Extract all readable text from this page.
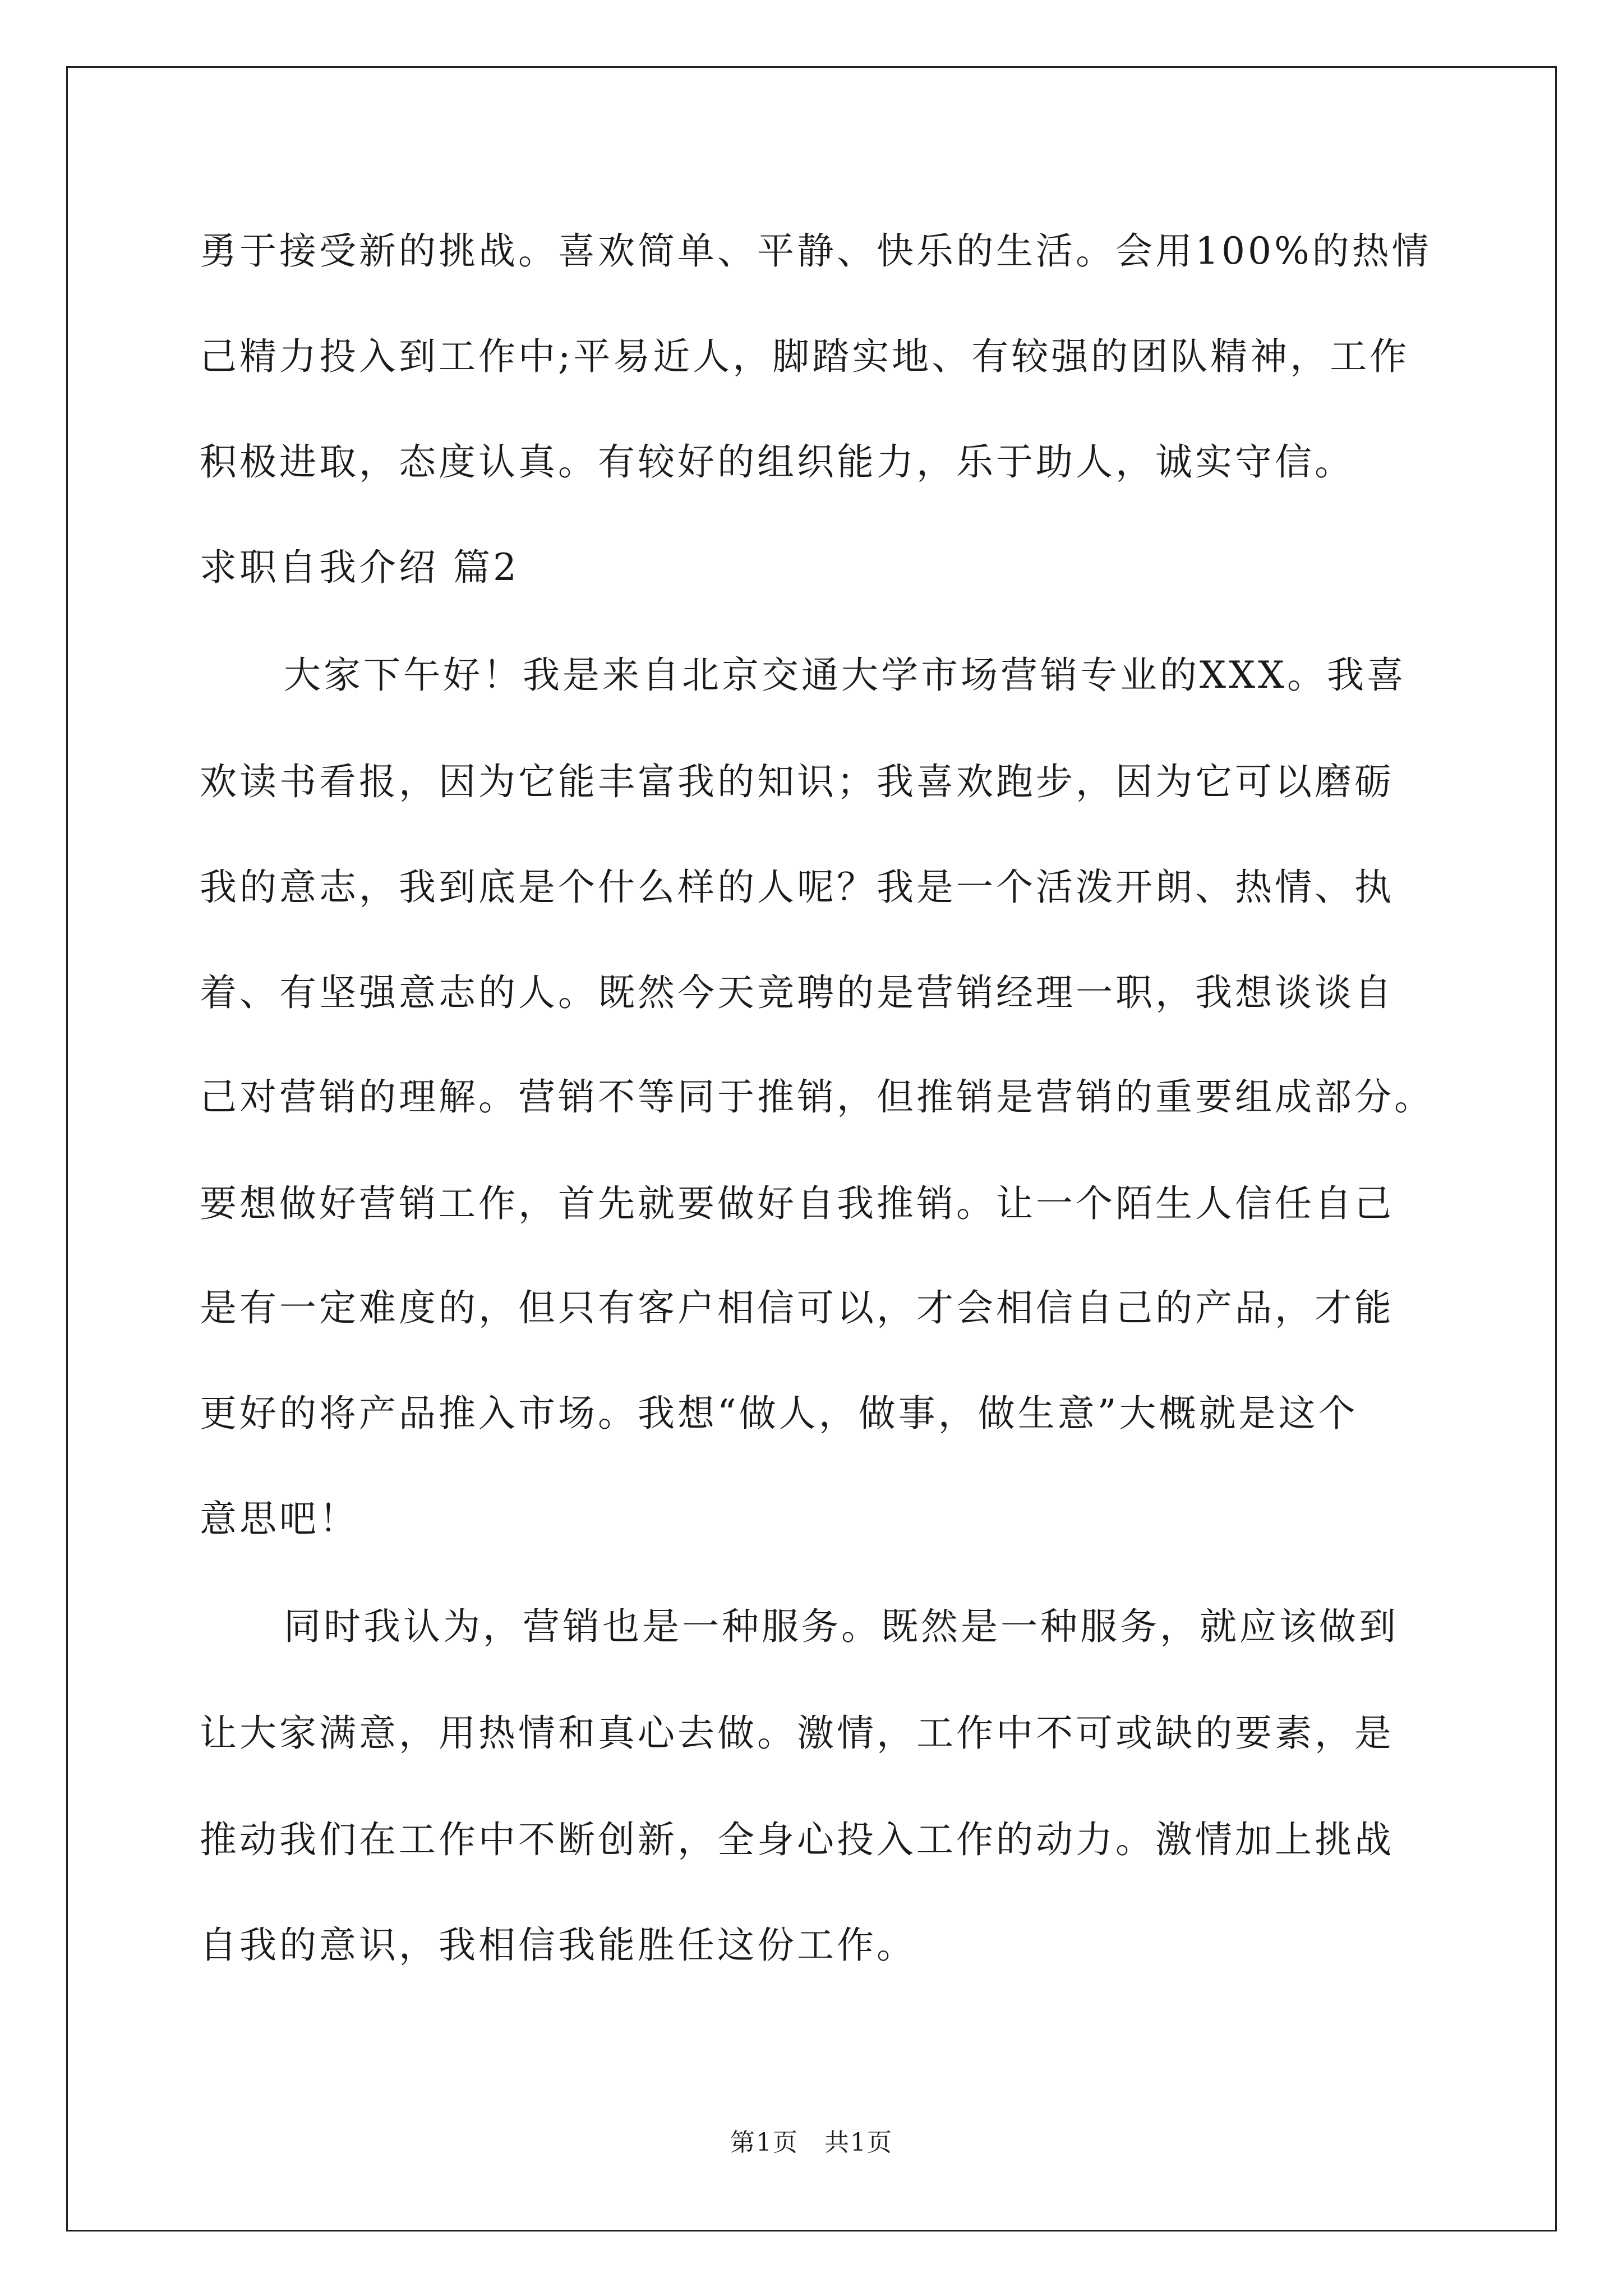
勇于接受新的挑战。喜欢简单、平静、快乐的生活。会用100%的热情
己精力投入到工作中;平易近人，脚踏实地、有较强的团队精神，工作
积极进取，态度认真。有较好的组织能力，乐于助人，诚实守信。
求职自我介绍 篇2
大家下午好！我是来自北京交通大学市场营销专业的XXX。我喜
欢读书看报，因为它能丰富我的知识；我喜欢跑步，因为它可以磨砺
我的意志，我到底是个什么样的人呢？我是一个活泼开朗、热情、执
着、有坚强意志的人。既然今天竞聘的是营销经理一职，我想谈谈自
己对营销的理解。营销不等同于推销，但推销是营销的重要组成部分。
要想做好营销工作，首先就要做好自我推销。让一个陌生人信任自己
是有一定难度的，但只有客户相信可以，才会相信自己的产品，才能
更好的将产品推入市场。我想“做人，做事，做生意”大概就是这个
意思吧！
同时我认为，营销也是一种服务。既然是一种服务，就应该做到
让大家满意，用热情和真心去做。激情，工作中不可或缺的要素，是
推动我们在工作中不断创新，全身心投入工作的动力。激情加上挑战
自我的意识，我相信我能胜任这份工作。
第1页　共1页
